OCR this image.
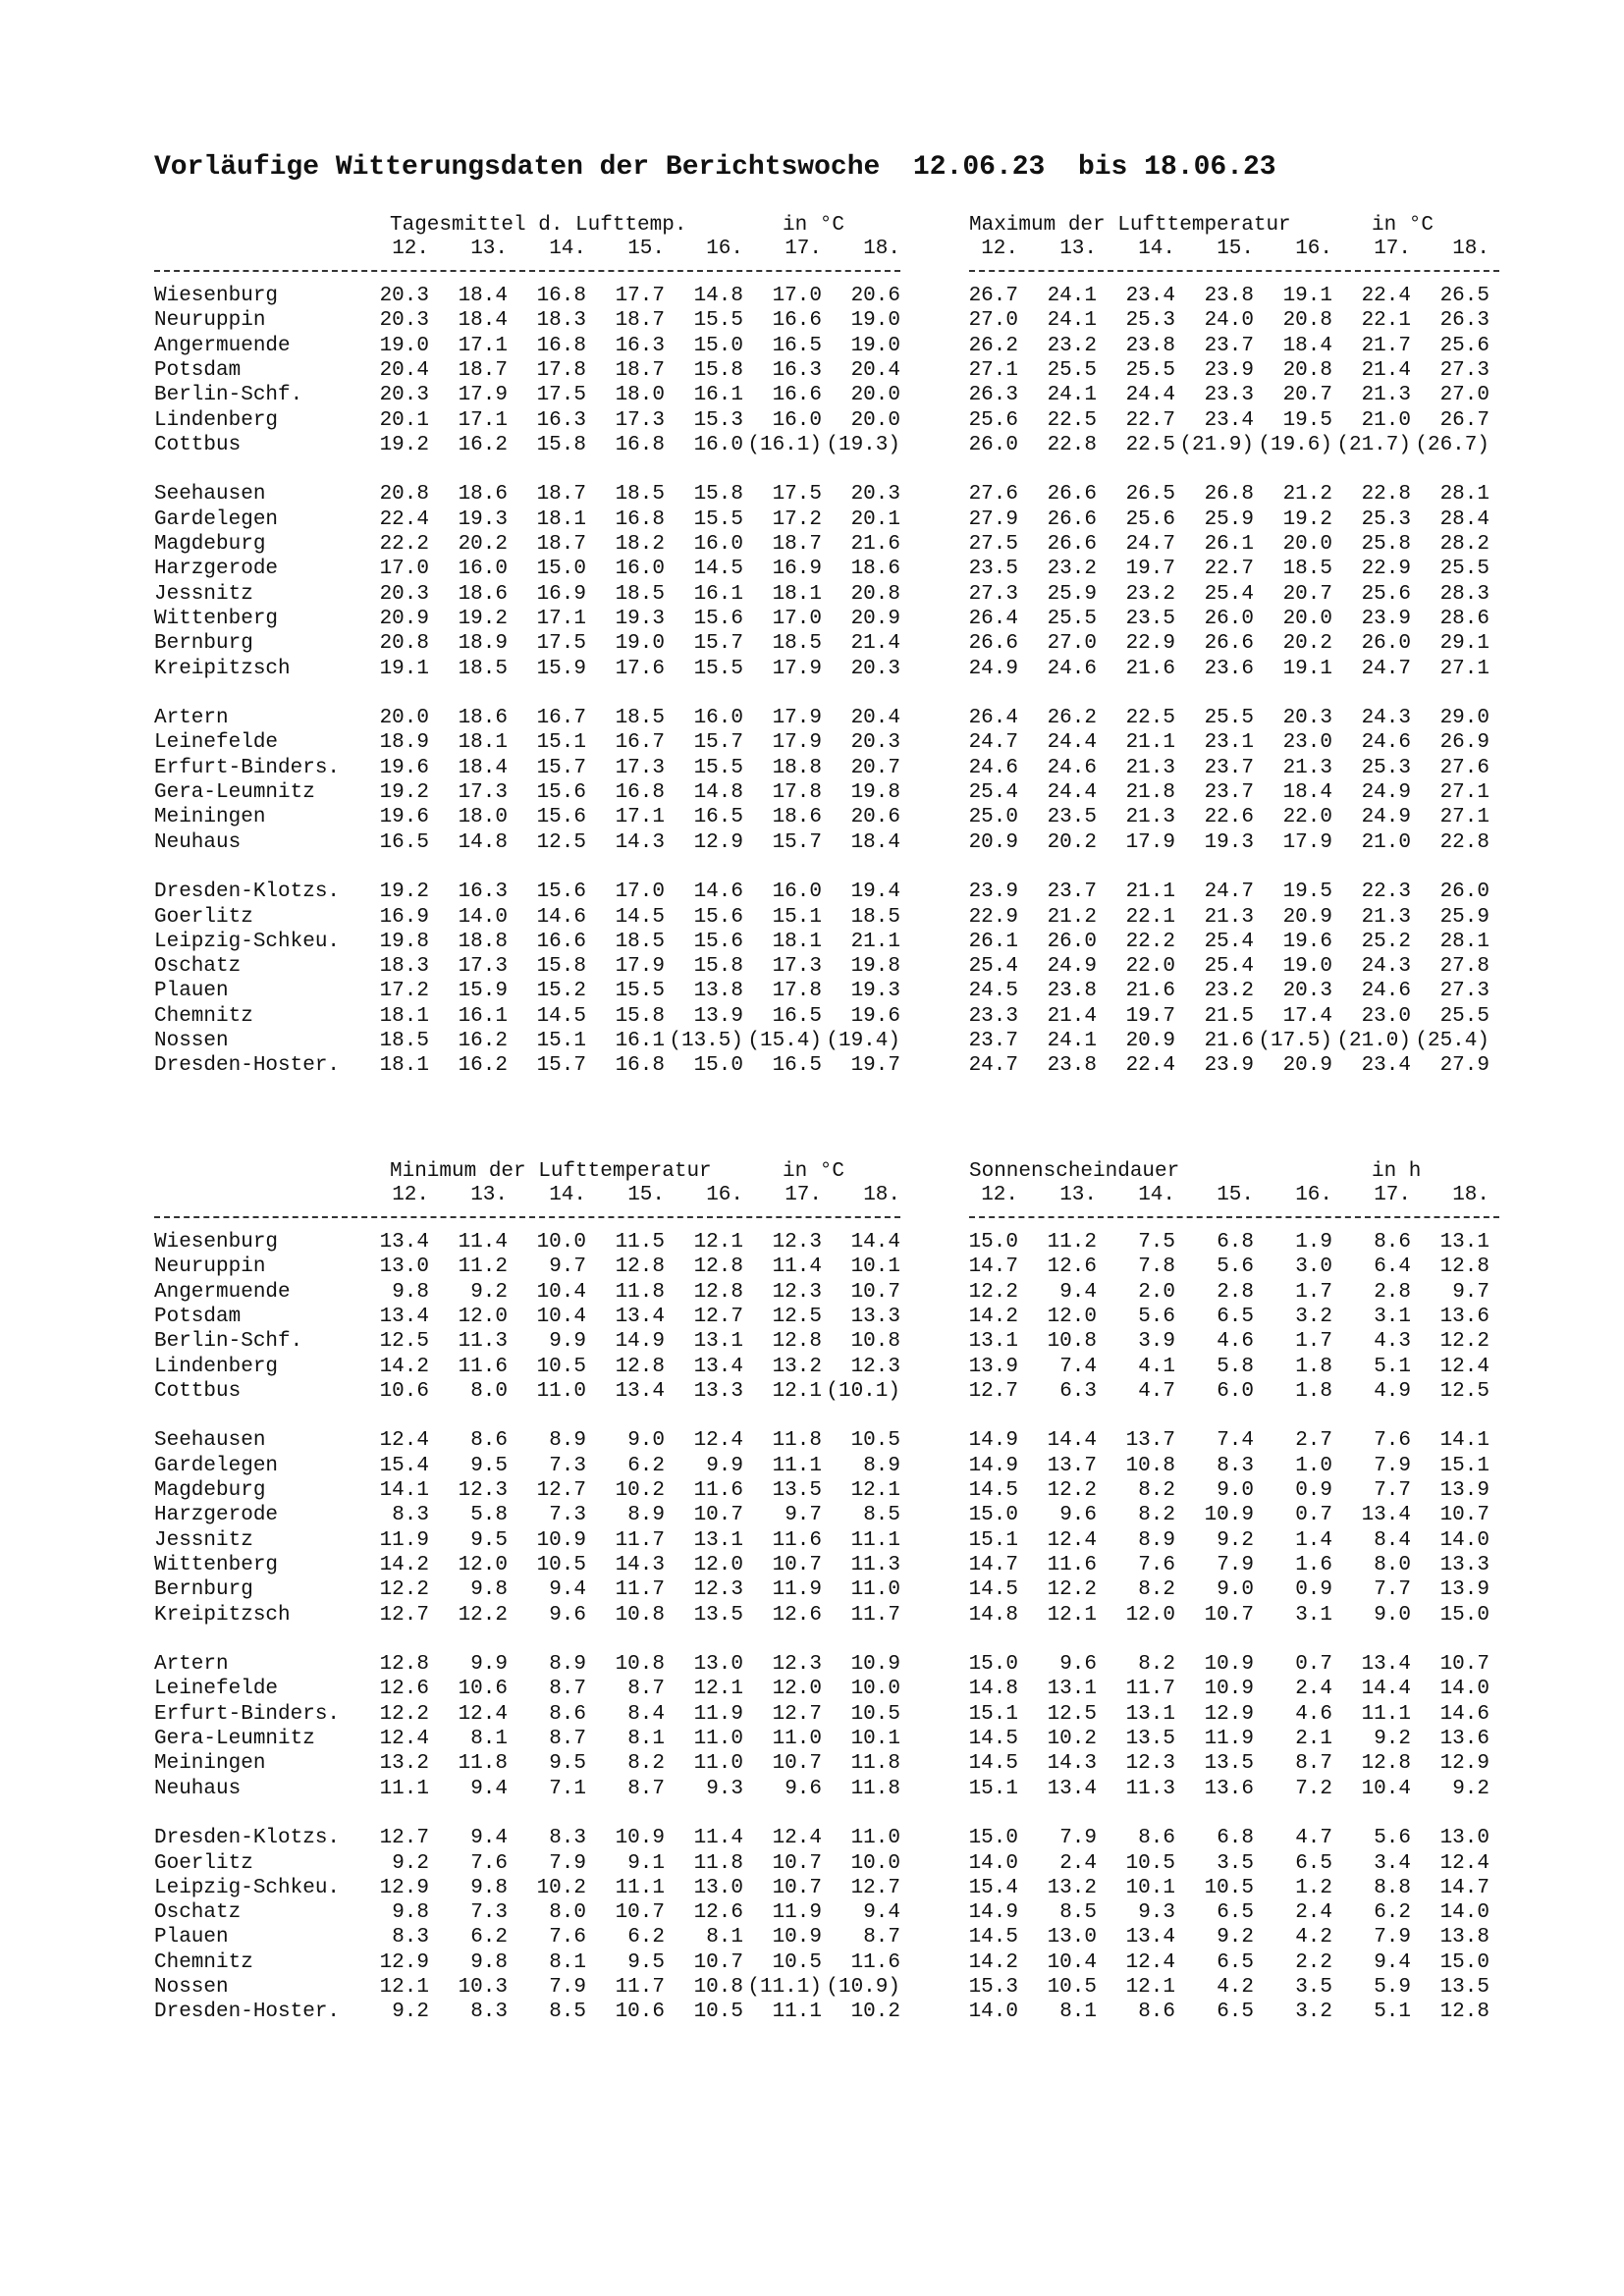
Vorläufige Witterungsdaten der Berichtswoche  12.06.23  bis 18.06.23
Tagesmittel d. Lufttemp.	in °C	Maximum der Lufttemperatur	in °C
12.	13.	14.	15.	16.	17.	18.	12.	13.	14.	15.	16.	17.	18.
Wiesenburg	20.3	18.4	16.8	17.7	14.8	17.0	20.6	26.7	24.1	23.4	23.8	19.1	22.4	26.5
Neuruppin	20.3	18.4	18.3	18.7	15.5	16.6	19.0	27.0	24.1	25.3	24.0	20.8	22.1	26.3
Angermuende	19.0	17.1	16.8	16.3	15.0	16.5	19.0	26.2	23.2	23.8	23.7	18.4	21.7	25.6
Potsdam	20.4	18.7	17.8	18.7	15.8	16.3	20.4	27.1	25.5	25.5	23.9	20.8	21.4	27.3
Berlin-Schf.	20.3	17.9	17.5	18.0	16.1	16.6	20.0	26.3	24.1	24.4	23.3	20.7	21.3	27.0
Lindenberg	20.1	17.1	16.3	17.3	15.3	16.0	20.0	25.6	22.5	22.7	23.4	19.5	21.0	26.7
Cottbus	19.2	16.2	15.8	16.8	16.0 (16.1) (19.3)	26.0	22.8	22.5 (21.9) (19.6) (21.7) (26.7)
Seehausen	20.8	18.6	18.7	18.5	15.8	17.5	20.3	27.6	26.6	26.5	26.8	21.2	22.8	28.1
Gardelegen	22.4	19.3	18.1	16.8	15.5	17.2	20.1	27.9	26.6	25.6	25.9	19.2	25.3	28.4
Magdeburg	22.2	20.2	18.7	18.2	16.0	18.7	21.6	27.5	26.6	24.7	26.1	20.0	25.8	28.2
Harzgerode	17.0	16.0	15.0	16.0	14.5	16.9	18.6	23.5	23.2	19.7	22.7	18.5	22.9	25.5
Jessnitz	20.3	18.6	16.9	18.5	16.1	18.1	20.8	27.3	25.9	23.2	25.4	20.7	25.6	28.3
Wittenberg	20.9	19.2	17.1	19.3	15.6	17.0	20.9	26.4	25.5	23.5	26.0	20.0	23.9	28.6
Bernburg	20.8	18.9	17.5	19.0	15.7	18.5	21.4	26.6	27.0	22.9	26.6	20.2	26.0	29.1
Kreipitzsch	19.1	18.5	15.9	17.6	15.5	17.9	20.3	24.9	24.6	21.6	23.6	19.1	24.7	27.1
Artern	20.0	18.6	16.7	18.5	16.0	17.9	20.4	26.4	26.2	22.5	25.5	20.3	24.3	29.0
Leinefelde	18.9	18.1	15.1	16.7	15.7	17.9	20.3	24.7	24.4	21.1	23.1	23.0	24.6	26.9
Erfurt-Binders.	19.6	18.4	15.7	17.3	15.5	18.8	20.7	24.6	24.6	21.3	23.7	21.3	25.3	27.6
Gera-Leumnitz	19.2	17.3	15.6	16.8	14.8	17.8	19.8	25.4	24.4	21.8	23.7	18.4	24.9	27.1
Meiningen	19.6	18.0	15.6	17.1	16.5	18.6	20.6	25.0	23.5	21.3	22.6	22.0	24.9	27.1
Neuhaus	16.5	14.8	12.5	14.3	12.9	15.7	18.4	20.9	20.2	17.9	19.3	17.9	21.0	22.8
Dresden-Klotzs.	19.2	16.3	15.6	17.0	14.6	16.0	19.4	23.9	23.7	21.1	24.7	19.5	22.3	26.0
Goerlitz	16.9	14.0	14.6	14.5	15.6	15.1	18.5	22.9	21.2	22.1	21.3	20.9	21.3	25.9
Leipzig-Schkeu.	19.8	18.8	16.6	18.5	15.6	18.1	21.1	26.1	26.0	22.2	25.4	19.6	25.2	28.1
Oschatz	18.3	17.3	15.8	17.9	15.8	17.3	19.8	25.4	24.9	22.0	25.4	19.0	24.3	27.8
Plauen	17.2	15.9	15.2	15.5	13.8	17.8	19.3	24.5	23.8	21.6	23.2	20.3	24.6	27.3
Chemnitz	18.1	16.1	14.5	15.8	13.9	16.5	19.6	23.3	21.4	19.7	21.5	17.4	23.0	25.5
Nossen	18.5	16.2	15.1	16.1 (13.5) (15.4) (19.4)	23.7	24.1	20.9	21.6 (17.5) (21.0) (25.4)
Dresden-Hoster.	18.1	16.2	15.7	16.8	15.0	16.5	19.7	24.7	23.8	22.4	23.9	20.9	23.4	27.9
Minimum der Lufttemperatur	in °C	Sonnenscheindauer	in h
12.	13.	14.	15.	16.	17.	18.	12.	13.	14.	15.	16.	17.	18.
Wiesenburg	13.4	11.4	10.0	11.5	12.1	12.3	14.4	15.0	11.2	7.5	6.8	1.9	8.6	13.1
Neuruppin	13.0	11.2	9.7	12.8	12.8	11.4	10.1	14.7	12.6	7.8	5.6	3.0	6.4	12.8
Angermuende	9.8	9.2	10.4	11.8	12.8	12.3	10.7	12.2	9.4	2.0	2.8	1.7	2.8	9.7
Potsdam	13.4	12.0	10.4	13.4	12.7	12.5	13.3	14.2	12.0	5.6	6.5	3.2	3.1	13.6
Berlin-Schf.	12.5	11.3	9.9	14.9	13.1	12.8	10.8	13.1	10.8	3.9	4.6	1.7	4.3	12.2
Lindenberg	14.2	11.6	10.5	12.8	13.4	13.2	12.3	13.9	7.4	4.1	5.8	1.8	5.1	12.4
Cottbus	10.6	8.0	11.0	13.4	13.3	12.1 (10.1)	12.7	6.3	4.7	6.0	1.8	4.9	12.5
Seehausen	12.4	8.6	8.9	9.0	12.4	11.8	10.5	14.9	14.4	13.7	7.4	2.7	7.6	14.1
Gardelegen	15.4	9.5	7.3	6.2	9.9	11.1	8.9	14.9	13.7	10.8	8.3	1.0	7.9	15.1
Magdeburg	14.1	12.3	12.7	10.2	11.6	13.5	12.1	14.5	12.2	8.2	9.0	0.9	7.7	13.9
Harzgerode	8.3	5.8	7.3	8.9	10.7	9.7	8.5	15.0	9.6	8.2	10.9	0.7	13.4	10.7
Jessnitz	11.9	9.5	10.9	11.7	13.1	11.6	11.1	15.1	12.4	8.9	9.2	1.4	8.4	14.0
Wittenberg	14.2	12.0	10.5	14.3	12.0	10.7	11.3	14.7	11.6	7.6	7.9	1.6	8.0	13.3
Bernburg	12.2	9.8	9.4	11.7	12.3	11.9	11.0	14.5	12.2	8.2	9.0	0.9	7.7	13.9
Kreipitzsch	12.7	12.2	9.6	10.8	13.5	12.6	11.7	14.8	12.1	12.0	10.7	3.1	9.0	15.0
Artern	12.8	9.9	8.9	10.8	13.0	12.3	10.9	15.0	9.6	8.2	10.9	0.7	13.4	10.7
Leinefelde	12.6	10.6	8.7	8.7	12.1	12.0	10.0	14.8	13.1	11.7	10.9	2.4	14.4	14.0
Erfurt-Binders.	12.2	12.4	8.6	8.4	11.9	12.7	10.5	15.1	12.5	13.1	12.9	4.6	11.1	14.6
Gera-Leumnitz	12.4	8.1	8.7	8.1	11.0	11.0	10.1	14.5	10.2	13.5	11.9	2.1	9.2	13.6
Meiningen	13.2	11.8	9.5	8.2	11.0	10.7	11.8	14.5	14.3	12.3	13.5	8.7	12.8	12.9
Neuhaus	11.1	9.4	7.1	8.7	9.3	9.6	11.8	15.1	13.4	11.3	13.6	7.2	10.4	9.2
Dresden-Klotzs.	12.7	9.4	8.3	10.9	11.4	12.4	11.0	15.0	7.9	8.6	6.8	4.7	5.6	13.0
Goerlitz	9.2	7.6	7.9	9.1	11.8	10.7	10.0	14.0	2.4	10.5	3.5	6.5	3.4	12.4
Leipzig-Schkeu.	12.9	9.8	10.2	11.1	13.0	10.7	12.7	15.4	13.2	10.1	10.5	1.2	8.8	14.7
Oschatz	9.8	7.3	8.0	10.7	12.6	11.9	9.4	14.9	8.5	9.3	6.5	2.4	6.2	14.0
Plauen	8.3	6.2	7.6	6.2	8.1	10.9	8.7	14.5	13.0	13.4	9.2	4.2	7.9	13.8
Chemnitz	12.9	9.8	8.1	9.5	10.7	10.5	11.6	14.2	10.4	12.4	6.5	2.2	9.4	15.0
Nossen	12.1	10.3	7.9	11.7	10.8 (11.1) (10.9)	15.3	10.5	12.1	4.2	3.5	5.9	13.5
Dresden-Hoster.	9.2	8.3	8.5	10.6	10.5	11.1	10.2	14.0	8.1	8.6	6.5	3.2	5.1	12.8
